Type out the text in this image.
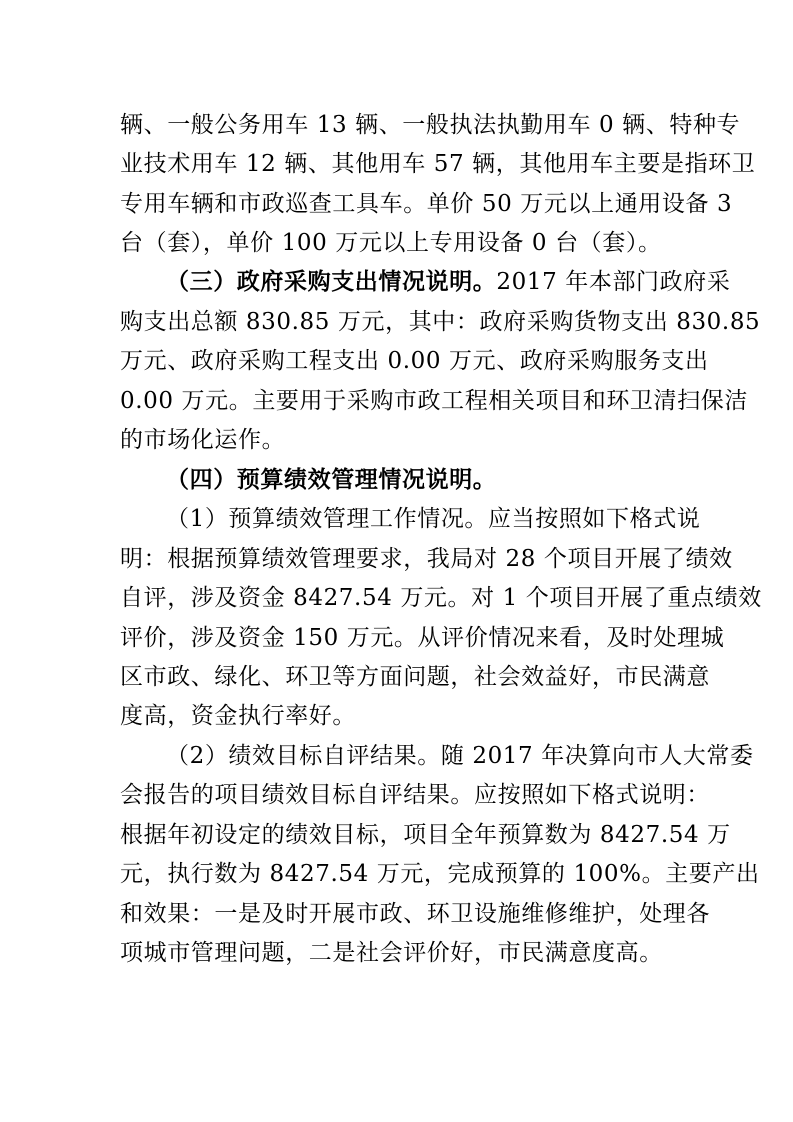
辆、一般公务用车 13 辆、一般执法执勤用车 0 辆、特种专

业技术用车 12 辆、其他用车 57 辆，其他用车主要是指环卫

专用车辆和市政巡查工具车。单价 50 万元以上通用设备 3

台（套），单价 100 万元以上专用设备 0 台（套）。

（三）政府采购支出情况说明。2017 年本部门政府采

购支出总额 830.85 万元，其中：政府采购货物支出 830.85

万元、政府采购工程支出 0.00 万元、政府采购服务支出

0.00 万元。主要用于采购市政工程相关项目和环卫清扫保洁

的市场化运作。

（四）预算绩效管理情况说明。

（1）预算绩效管理工作情况。应当按照如下格式说

明：根据预算绩效管理要求，我局对 28 个项目开展了绩效

自评，涉及资金 8427.54 万元。对 1 个项目开展了重点绩效

评价，涉及资金 150 万元。从评价情况来看，及时处理城

区市政、绿化、环卫等方面问题，社会效益好，市民满意

度高，资金执行率好。

（2）绩效目标自评结果。随 2017 年决算向市人大常委

会报告的项目绩效目标自评结果。应按照如下格式说明：

根据年初设定的绩效目标，项目全年预算数为 8427.54 万

元，执行数为 8427.54 万元，完成预算的 100%。主要产出

和效果：一是及时开展市政、环卫设施维修维护，处理各

项城市管理问题，二是社会评价好，市民满意度高。
